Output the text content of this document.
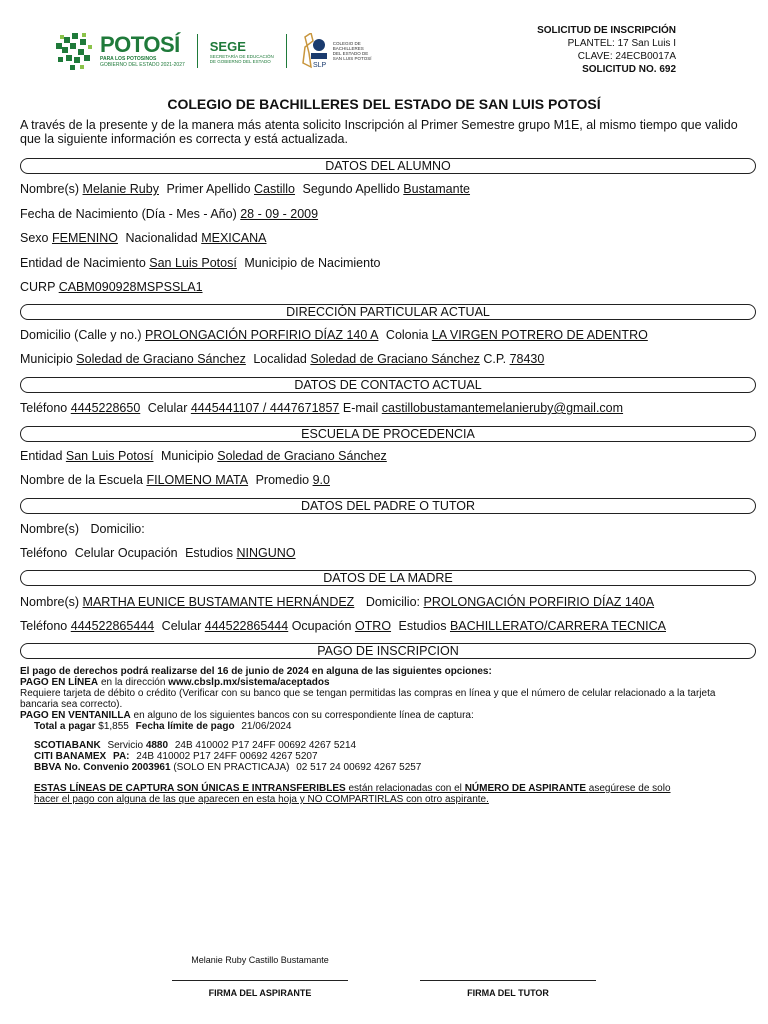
POTOSÍ
PARA LOS POTOSINOS
GOBIERNO DEL ESTADO 2021-2027
SEGE
SECRETARÍA DE EDUCACIÓN DE GOBIERNO DEL ESTADO
SLP
COLEGIO DE BACHILLERES DEL ESTADO DE SAN LUIS POTOSÍ
SOLICITUD DE INSCRIPCIÓN
PLANTEL: 17 San Luis I
CLAVE: 24ECB0017A
SOLICITUD NO. 692
COLEGIO DE BACHILLERES DEL ESTADO DE SAN LUIS POTOSÍ
A través de la presente y de la manera más atenta solicito Inscripción al Primer Semestre grupo M1E, al mismo tiempo que valido que la siguiente información es correcta y está actualizada.
DATOS DEL ALUMNO
Nombre(s) Melanie Ruby Primer Apellido Castillo Segundo Apellido Bustamante
Fecha de Nacimiento (Día - Mes - Año) 28 - 09 - 2009
Sexo FEMENINO Nacionalidad MEXICANA
Entidad de Nacimiento San Luis Potosí Municipio de Nacimiento
CURP CABM090928MSPSSLA1
DIRECCIÓN PARTICULAR ACTUAL
Domicilio (Calle y no.) PROLONGACIÓN PORFIRIO DÍAZ 140 A Colonia LA VIRGEN POTRERO DE ADENTRO
Municipio Soledad de Graciano Sánchez Localidad Soledad de Graciano Sánchez C.P. 78430
DATOS DE CONTACTO ACTUAL
Teléfono 4445228650 Celular 4445441107 / 4447671857 E-mail castillobustamantemelanieruby@gmail.com
ESCUELA DE PROCEDENCIA
Entidad San Luis Potosí Municipio Soledad de Graciano Sánchez
Nombre de la Escuela FILOMENO MATA Promedio 9.0
DATOS DEL PADRE O TUTOR
Nombre(s) Domicilio:
Teléfono Celular Ocupación Estudios NINGUNO
DATOS DE LA MADRE
Nombre(s) MARTHA EUNICE BUSTAMANTE HERNÁNDEZ Domicilio: PROLONGACIÓN PORFIRIO DÍAZ 140A
Teléfono 444522865444 Celular 444522865444 Ocupación OTRO Estudios BACHILLERATO/CARRERA TECNICA
PAGO DE INSCRIPCION
El pago de derechos podrá realizarse del 16 de junio de 2024 en alguna de las siguientes opciones:
PAGO EN LÍNEA en la dirección www.cbslp.mx/sistema/aceptados
Requiere tarjeta de débito o crédito (Verificar con su banco que se tengan permitidas las compras en línea y que el número de celular relacionado a la tarjeta bancaria sea correcto).
PAGO EN VENTANILLA en alguno de los siguientes bancos con su correspondiente línea de captura:
Total a pagar $1,855 Fecha límite de pago 21/06/2024
SCOTIABANK Servicio 4880 24B 410002 P17 24FF 00692 4267 5214
CITI BANAMEX PA: 24B 410002 P17 24FF 00692 4267 5207
BBVA No. Convenio 2003961 (SOLO EN PRACTICAJA) 02 517 24 00692 4267 5257
ESTAS LÍNEAS DE CAPTURA SON ÚNICAS E INTRANSFERIBLES están relacionadas con el NÚMERO DE ASPIRANTE asegúrese de solo hacer el pago con alguna de las que aparecen en esta hoja y NO COMPARTIRLAS con otro aspirante.
Melanie Ruby Castillo Bustamante
FIRMA DEL ASPIRANTE	FIRMA DEL TUTOR
